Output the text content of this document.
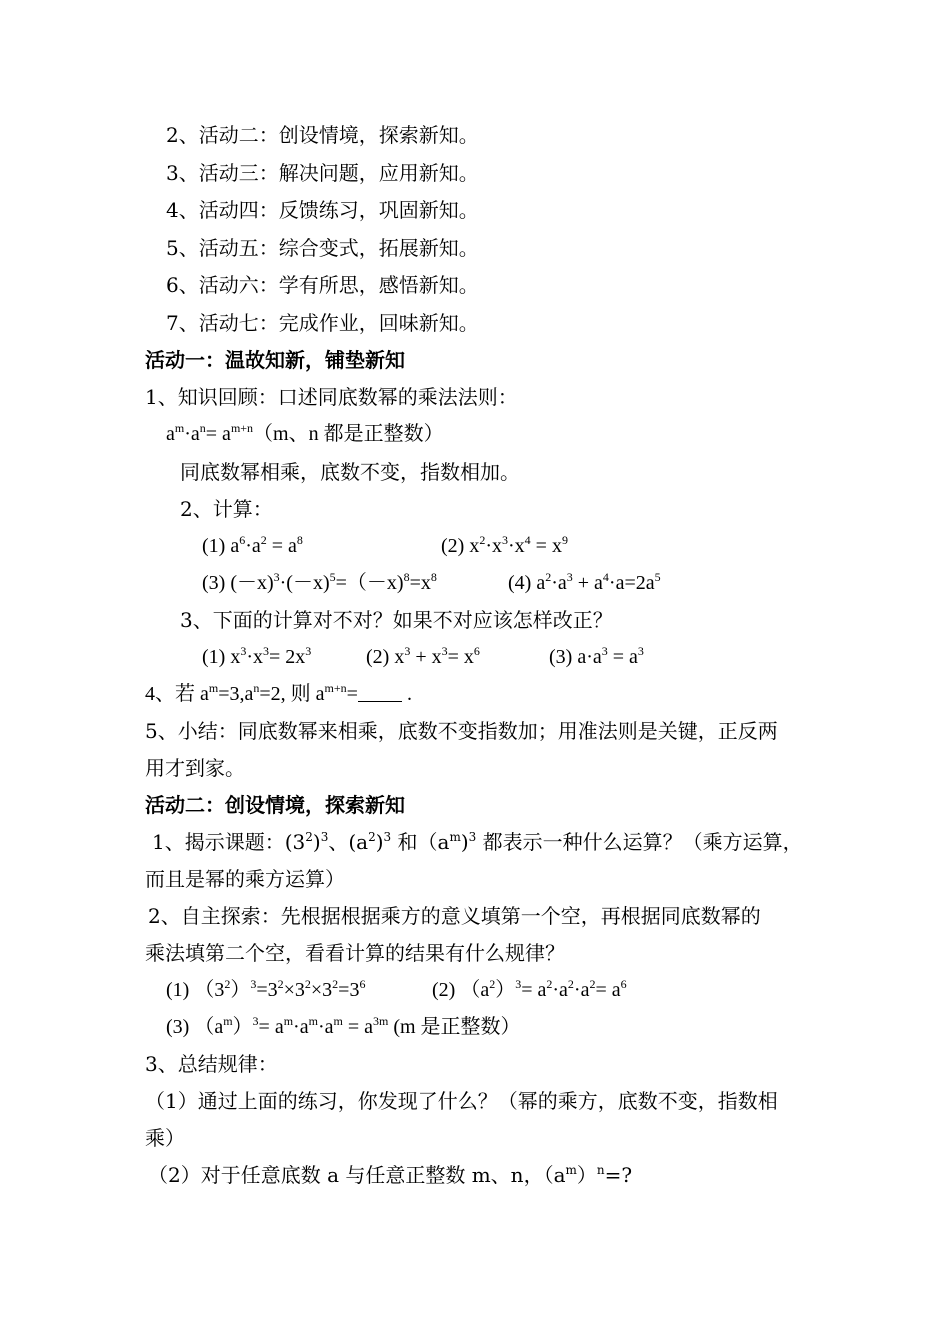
2、活动二：创设情境，探索新知。
3、活动三：解决问题，应用新知。
4、活动四：反馈练习，巩固新知。
5、活动五：综合变式，拓展新知。
6、活动六：学有所思，感悟新知。
7、活动七：完成作业，回味新知。
活动一：温故知新，铺垫新知
1、知识回顾：口述同底数幂的乘法法则：
$a^m\cdot a^n= a^{m+n}(m$、n 都是正整数）
同底数幂相乘，底数不变，指数相加。
2、计算：
(1) $a^6\cdot a^2 = a^8$	(2) $x^2\cdot x^3\cdot x^4 = x^9$
(3) $(-x)^3\cdot(-x)^5=(-x)^8=x^8$	(4) $a^2\cdot a^3 + a^4\cdot a=2a^5$
3、下面的计算对不对？如果不对应该怎样改正？
(1) $x^3\cdot x^3= 2x^3$	(2) $x^3 + x^3= x^6$	(3) $a\cdot a^3 = a^3$
4、若 $a^m=3,a^n=2$, 则 $a^{m+n}=$ .
5、小结：同底数幂来相乘，底数不变指数加；用准法则是关键，正反两
用才到家。
活动二：创设情境，探索新知
1、揭示课题：$(3^2)^3$、$(a^2)^3$ 和$(a^m)^3$ 都表示一种什么运算？（乘方运算，
而且是幂的乘方运算）
2、自主探索：先根据根据乘方的意义填第一个空，再根据同底数幂的
乘法填第二个空，看看计算的结果有什么规律？
(1) $(3^2)^3=3^2\times 3^2\times 3^2=3^6$	(2) $(a^2)^3= a^2\cdot a^2\cdot a^2= a^6$
(3) $(a^m)^3= a^m\cdot a^m\cdot a^m = a^{3m}$ (m 是正整数）
3、总结规律：
（1）通过上面的练习，你发现了什么？（幂的乘方，底数不变，指数相
乘）
（2）对于任意底数 a 与任意正整数 m、n，$(a^m)^n=$?
